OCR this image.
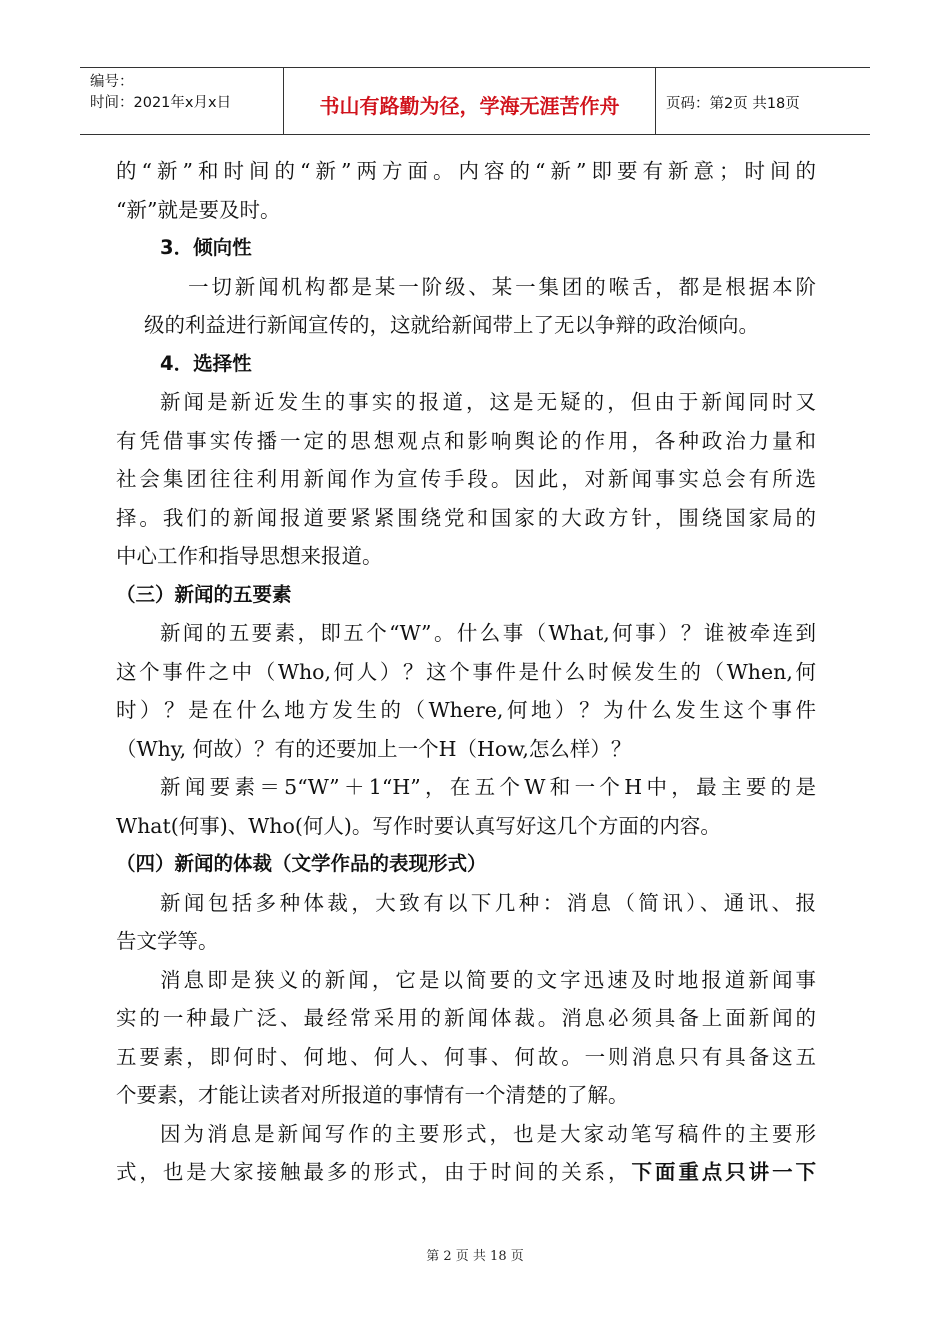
编号：
时间：2021年x月x日	书山有路勤为径，学海无涯苦作舟	页码：第2页 共18页
的“新”和时间的“新”两方面。内容的“新”即要有新意；时间的
“新”就是要及时。
3．倾向性
一切新闻机构都是某一阶级、某一集团的喉舌，都是根据本阶
级的利益进行新闻宣传的，这就给新闻带上了无以争辩的政治倾向。
4．选择性
新闻是新近发生的事实的报道，这是无疑的，但由于新闻同时又
有凭借事实传播一定的思想观点和影响舆论的作用，各种政治力量和
社会集团往往利用新闻作为宣传手段。因此，对新闻事实总会有所选
择。我们的新闻报道要紧紧围绕党和国家的大政方针，围绕国家局的
中心工作和指导思想来报道。
（三）新闻的五要素
新闻的五要素，即五个“W”。什么事（What,何事）？谁被牵连到
这个事件之中（Who,何人）？这个事件是什么时候发生的（When,何
时）？是在什么地方发生的（Where,何地）？为什么发生这个事件
（Why, 何故）？有的还要加上一个H（How,怎么样）？
新闻要素＝5“W”＋1“H”，在五个W和一个H中，最主要的是
What(何事)、Who(何人)。写作时要认真写好这几个方面的内容。
（四）新闻的体裁（文学作品的表现形式）
新闻包括多种体裁，大致有以下几种：消息（简讯）、通讯、报
告文学等。
消息即是狭义的新闻，它是以简要的文字迅速及时地报道新闻事
实的一种最广泛、最经常采用的新闻体裁。消息必须具备上面新闻的
五要素，即何时、何地、何人、何事、何故。一则消息只有具备这五
个要素，才能让读者对所报道的事情有一个清楚的了解。
因为消息是新闻写作的主要形式，也是大家动笔写稿件的主要形
式，也是大家接触最多的形式，由于时间的关系，下面重点只讲一下
第 2 页 共 18 页
